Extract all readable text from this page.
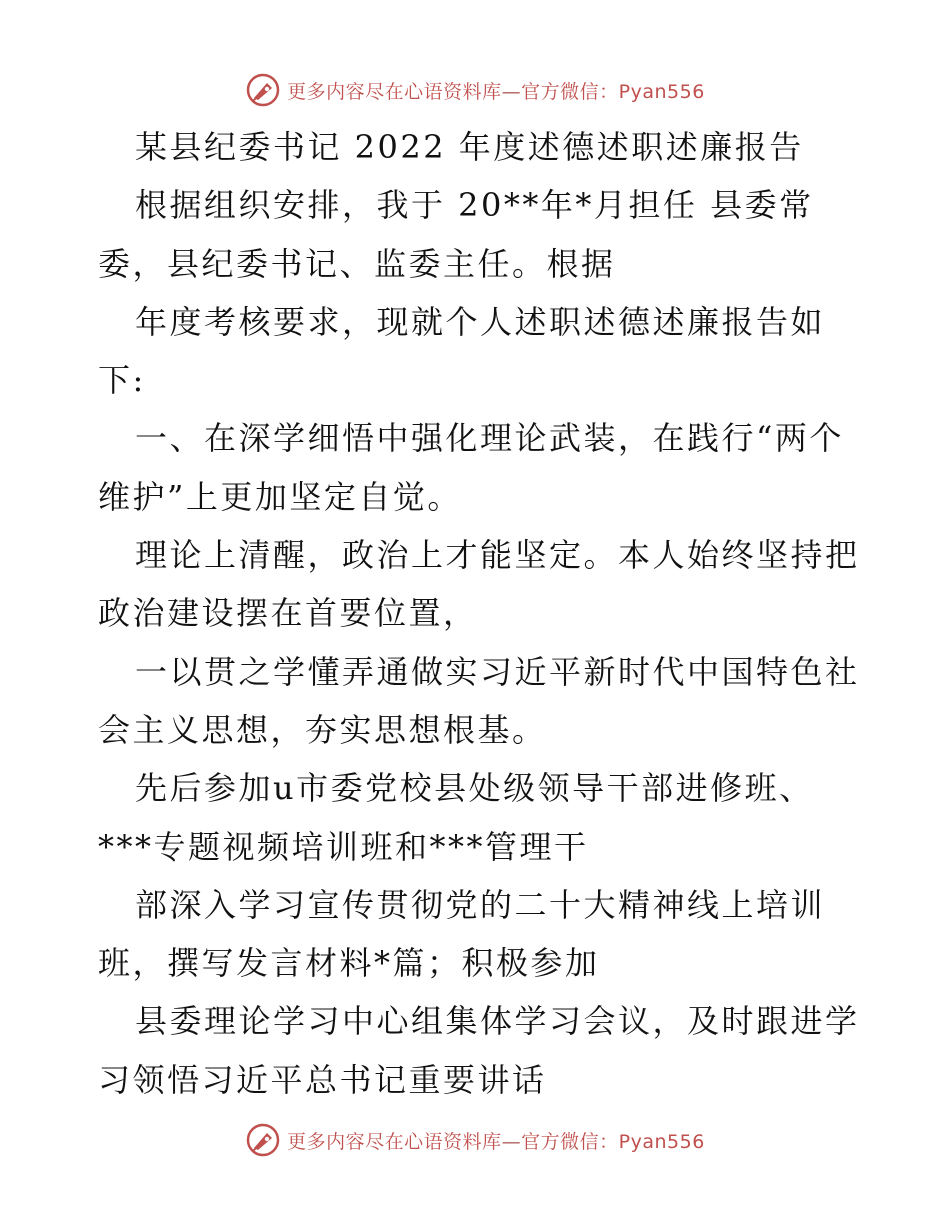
更多内容尽在心语资料库—官方微信：Pyan556
某县纪委书记 2022 年度述德述职述廉报告
根据组织安排，我于 20**年*月担任 县委常
委，县纪委书记、监委主任。根据
年度考核要求，现就个人述职述德述廉报告如
下:
一、在深学细悟中强化理论武装，在践行“两个
维护”上更加坚定自觉。
理论上清醒，政治上才能坚定。本人始终坚持把
政治建设摆在首要位置，
一以贯之学懂弄通做实习近平新时代中国特色社
会主义思想，夯实思想根基。
先后参加u市委党校县处级领导干部进修班、
***专题视频培训班和***管理干
部深入学习宣传贯彻党的二十大精神线上培训
班，撰写发言材料*篇；积极参加
县委理论学习中心组集体学习会议，及时跟进学
习领悟习近平总书记重要讲话
更多内容尽在心语资料库—官方微信：Pyan556
